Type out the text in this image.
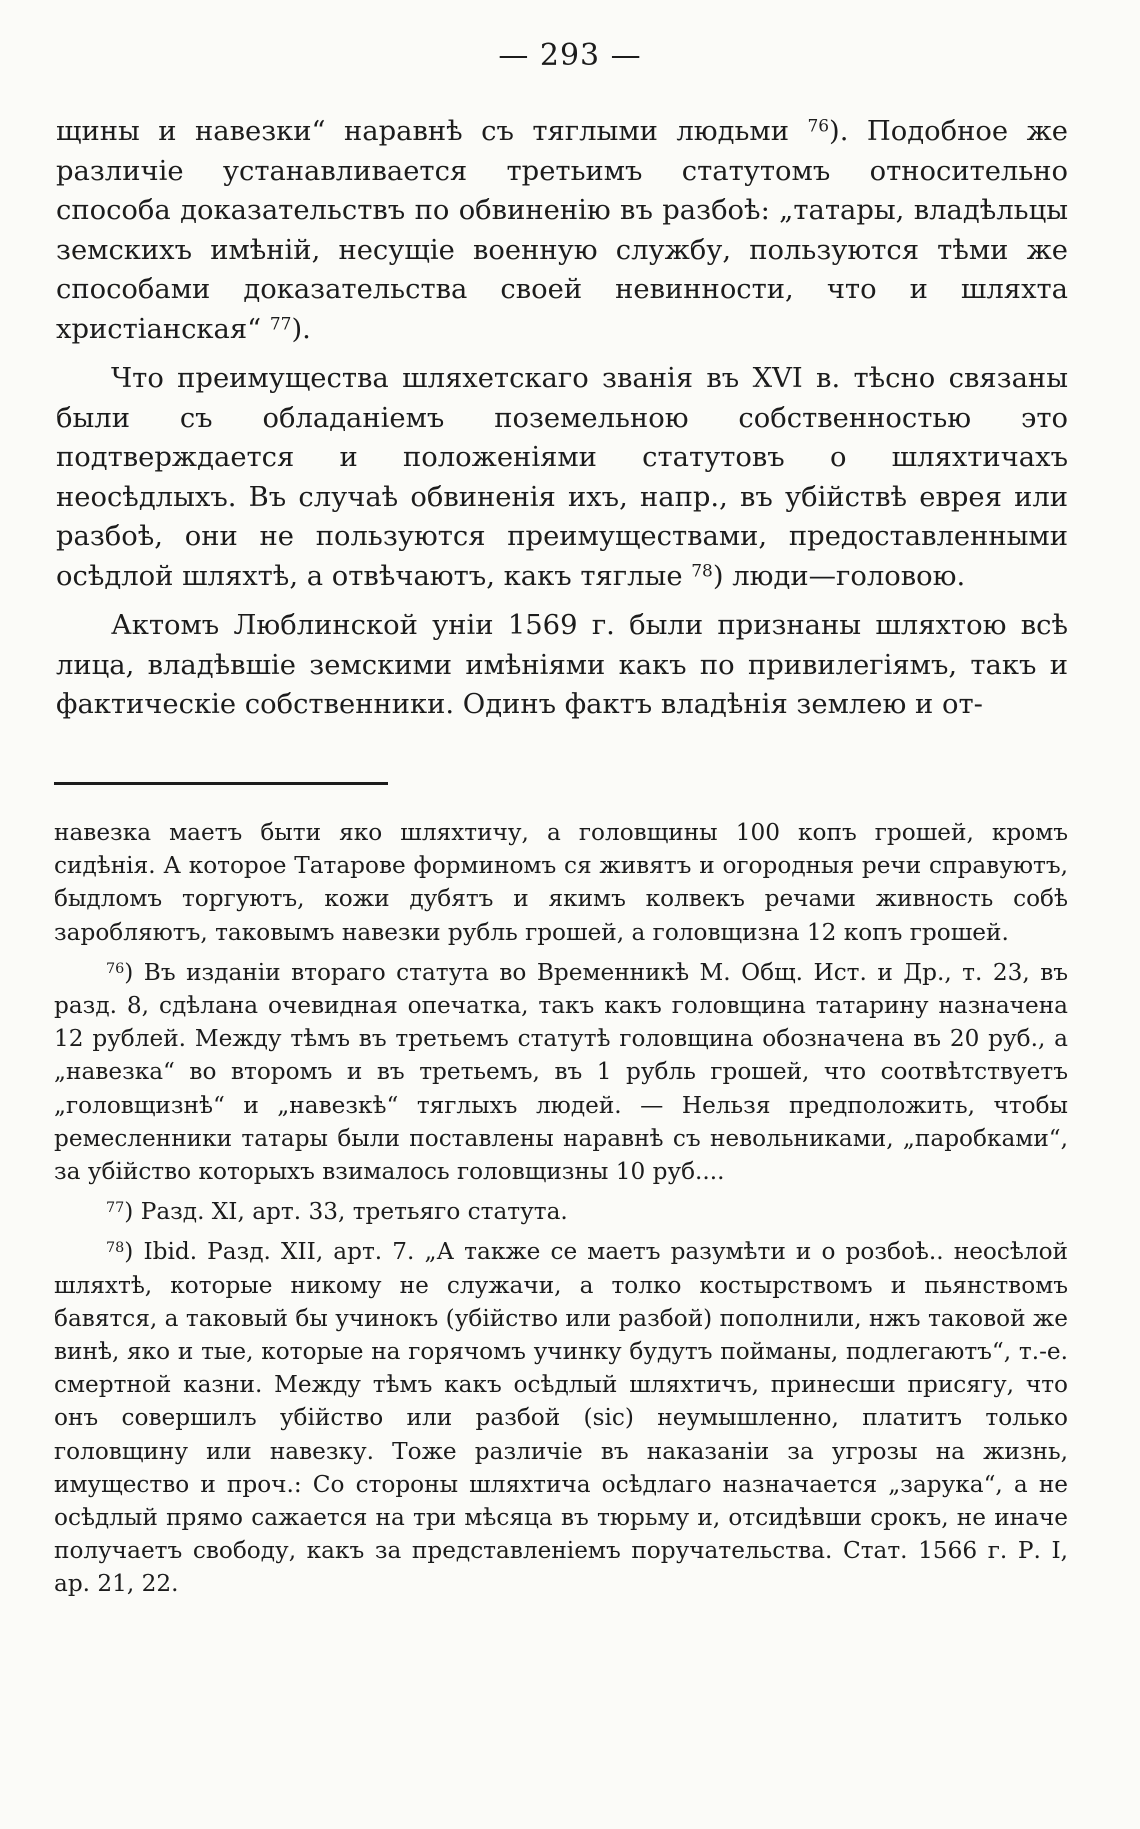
— 293 —

щины и навезки“ наравнѣ съ тяглыми людьми $^{76}$). Подобное же различіе устанавливается третьимъ статутомъ относительно способа доказательствъ по обвиненію въ разбоѣ: „татары, владѣльцы земскихъ имѣній, несущіе военную службу, пользуются тѣми же способами доказательства своей невинности, что и шляхта христіанская“ $^{77}$).

Что преимущества шляхетскаго званія въ XVI в. тѣсно связаны были съ обладаніемъ поземельною собственностью это подтверждается и положеніями статутовъ о шляхтичахъ неосѣдлыхъ. Въ случаѣ обвиненія ихъ, напр., въ убійствѣ еврея или разбоѣ, они не пользуются преимуществами, предоставленными осѣдлой шляхтѣ, а отвѣчаютъ, какъ тяглые $^{78}$) люди—головою.

Актомъ Люблинской уніи 1569 г. были признаны шляхтою всѣ лица, владѣвшіе земскими имѣніями какъ по привилегіямъ, такъ и фактическіе собственники. Одинъ фактъ владѣнія землею и от-

навезка маетъ быти яко шляхтичу, а головщины 100 копъ грошей, кромъ сидѣнія. А которое Татарове форминомъ ся живятъ и огородныя речи справуютъ, быдломъ торгуютъ, кожи дубятъ и якимъ колвекъ речами живность собѣ заробляютъ, таковымъ навезки рубль грошей, а головщизна 12 копъ грошей.

$^{76}$) Въ изданіи втораго статута во Временникѣ М. Общ. Ист. и Др., т. 23, въ разд. 8, сдѣлана очевидная опечатка, такъ какъ головщина татарину назначена 12 рублей. Между тѣмъ въ третьемъ статутѣ головщина обозначена въ 20 руб., а „навезка“ во второмъ и въ третьемъ, въ 1 рубль грошей, что соотвѣтствуетъ „головщизнѣ“ и „навезкѣ“ тяглыхъ людей. — Нельзя предположить, чтобы ремесленники татары были поставлены наравнѣ съ невольниками, „паробками“, за убійство которыхъ взималось головщизны 10 руб....

$^{77}$) Разд. XI, арт. 33, третьяго статута.

$^{78}$) Ibid. Разд. XII, арт. 7. „А также се маетъ разумѣти и о розбоѣ.. неосѣлой шляхтѣ, которые никому не служачи, а толко костырствомъ и пьянствомъ бавятся, а таковый бы учинокъ (убійство или разбой) пополнили, нжъ таковой же винѣ, яко и тые, которые на горячомъ учинку будутъ пойманы, подлегаютъ“, т.-е. смертной казни. Между тѣмъ какъ осѣдлый шляхтичъ, принесши присягу, что онъ совершилъ убійство или разбой (sic) неумышленно, платитъ только головщину или навезку. Тоже различіе въ наказаніи за угрозы на жизнь, имущество и проч.: Со стороны шляхтича осѣдлаго назначается „зарука“, а не осѣдлый прямо сажается на три мѣсяца въ тюрьму и, отсидѣвши срокъ, не иначе получаетъ свободу, какъ за представленіемъ поручательства. Стат. 1566 г. Р. I, ар. 21, 22.
